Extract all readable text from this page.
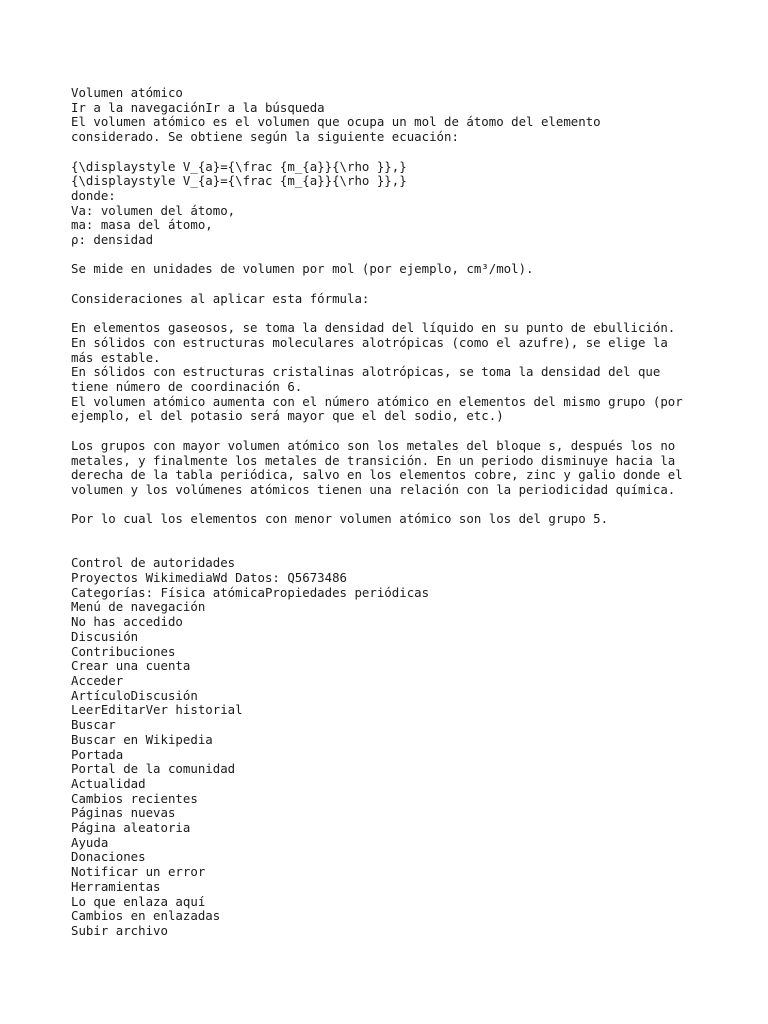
Volumen atómico
Ir a la navegaciónIr a la búsqueda
El volumen atómico es el volumen que ocupa un mol de átomo del elemento
considerado. Se obtiene según la siguiente ecuación:
{\displaystyle V_{a}={\frac {m_{a}}{\rho }},}
{\displaystyle V_{a}={\frac {m_{a}}{\rho }},}
donde:
Va: volumen del átomo,
ma: masa del átomo,
ρ: densidad
Se mide en unidades de volumen por mol (por ejemplo, cm³/mol).
Consideraciones al aplicar esta fórmula:
En elementos gaseosos, se toma la densidad del líquido en su punto de ebullición.
En sólidos con estructuras moleculares alotrópicas (como el azufre), se elige la
más estable.
En sólidos con estructuras cristalinas alotrópicas, se toma la densidad del que
tiene número de coordinación 6.
El volumen atómico aumenta con el número atómico en elementos del mismo grupo (por
ejemplo, el del potasio será mayor que el del sodio, etc.)
Los grupos con mayor volumen atómico son los metales del bloque s, después los no
metales, y finalmente los metales de transición. En un periodo disminuye hacia la
derecha de la tabla periódica, salvo en los elementos cobre, zinc y galio donde el
volumen y los volúmenes atómicos tienen una relación con la periodicidad química.
Por lo cual los elementos con menor volumen atómico son los del grupo 5.
Control de autoridades
Proyectos WikimediaWd Datos: Q5673486
Categorías: Física atómicaPropiedades periódicas
Menú de navegación
No has accedido
Discusión
Contribuciones
Crear una cuenta
Acceder
ArtículoDiscusión
LeerEditarVer historial
Buscar
Buscar en Wikipedia
Portada
Portal de la comunidad
Actualidad
Cambios recientes
Páginas nuevas
Página aleatoria
Ayuda
Donaciones
Notificar un error
Herramientas
Lo que enlaza aquí
Cambios en enlazadas
Subir archivo
